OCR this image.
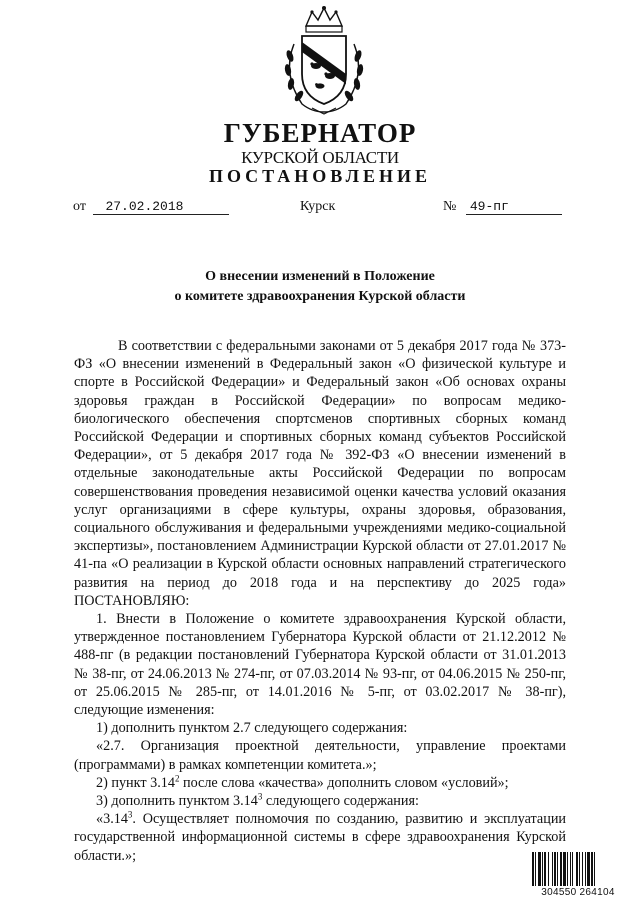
ГУБЕРНАТОР
КУРСКОЙ ОБЛАСТИ
ПОСТАНОВЛЕНИЕ
от 27.02.2018	Курск	№ 49-пг
О внесении изменений в Положение
о комитете здравоохранения Курской области

В соответствии с федеральными законами от 5 декабря 2017 года № 373-ФЗ «О внесении изменений в Федеральный закон «О физической культуре и спорте в Российской Федерации» и Федеральный закон «Об основах охраны здоровья граждан в Российской Федерации» по вопросам медико-биологического обеспечения спортсменов спортивных сборных команд Российской Федерации и спортивных сборных команд субъектов Российской Федерации», от 5 декабря 2017 года № 392-ФЗ «О внесении изменений в отдельные законодательные акты Российской Федерации по вопросам совершенствования проведения независимой оценки качества условий оказания услуг организациями в сфере культуры, охраны здоровья, образования, социального обслуживания и федеральными учреждениями медико-социальной экспертизы», постановлением Администрации Курской области от 27.01.2017 № 41-па «О реализации в Курской области основных направлений стратегического развития на период до 2018 года и на перспективу до 2025 года» ПОСТАНОВЛЯЮ:

1. Внести в Положение о комитете здравоохранения Курской области, утвержденное постановлением Губернатора Курской области от 21.12.2012 № 488-пг (в редакции постановлений Губернатора Курской области от 31.01.2013 № 38-пг, от 24.06.2013 № 274-пг, от 07.03.2014 № 93-пг, от 04.06.2015 № 250-пг, от 25.06.2015 № 285-пг, от 14.01.2016 № 5-пг, от 03.02.2017 № 38-пг), следующие изменения:

1) дополнить пунктом 2.7 следующего содержания:

«2.7. Организация проектной деятельности, управление проектами (программами) в рамках компетенции комитета.»;

2) пункт 3.14$^2$ после слова «качества» дополнить словом «условий»;

3) дополнить пунктом 3.14$^3$ следующего содержания:

«3.14$^3$. Осуществляет полномочия по созданию, развитию и эксплуатации государственной информационной системы в сфере здравоохранения Курской области.»;

304550 264104
